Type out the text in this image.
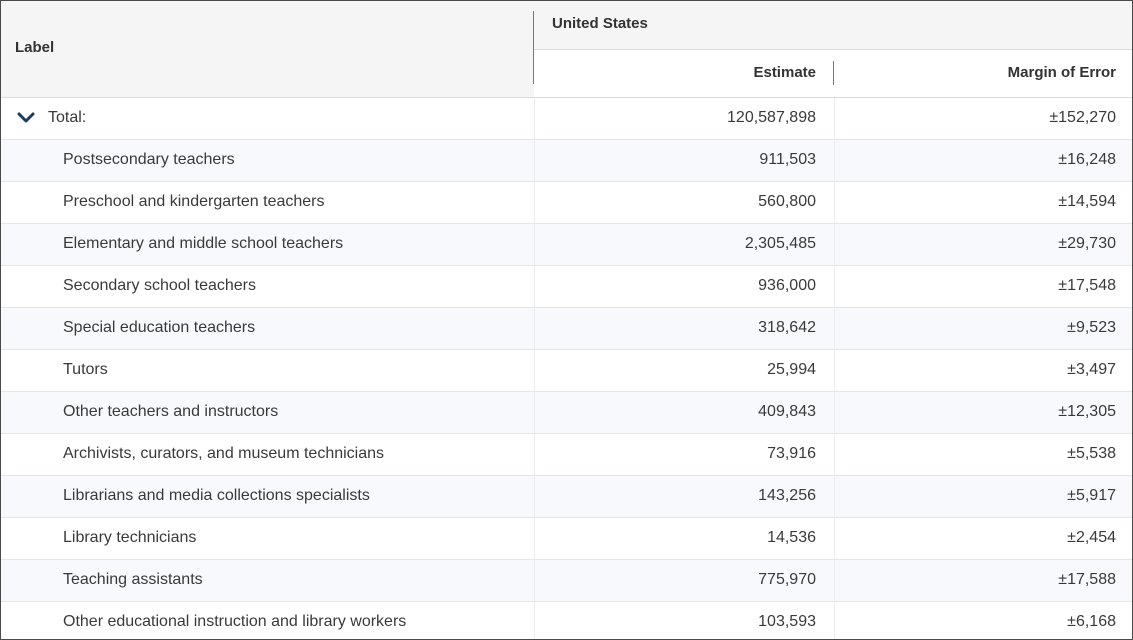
Label
United States
Estimate	Margin of Error
Total:	120,587,898	±152,270
Postsecondary teachers	911,503	±16,248
Preschool and kindergarten teachers	560,800	±14,594
Elementary and middle school teachers	2,305,485	±29,730
Secondary school teachers	936,000	±17,548
Special education teachers	318,642	±9,523
Tutors	25,994	±3,497
Other teachers and instructors	409,843	±12,305
Archivists, curators, and museum technicians	73,916	±5,538
Librarians and media collections specialists	143,256	±5,917
Library technicians	14,536	±2,454
Teaching assistants	775,970	±17,588
Other educational instruction and library workers	103,593	±6,168
